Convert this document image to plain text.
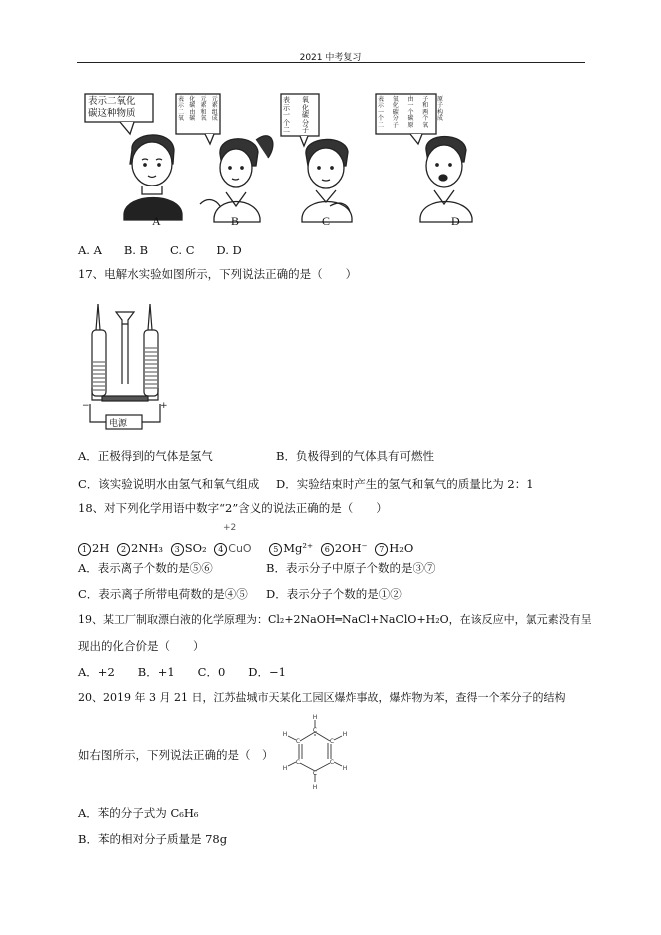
2021 中考复习
表示二氧化
碳这种物质
表
示
二
氧
化
碳
由
碳
元
素
和
氧
元
素
组
成
表
示
一
个
二
氧
化
碳
分
子
表
示
一
个
二
氧
化
碳
分
子
由
一
个
碳
原
子
和
两
个
氧
原
子
构
成
A	B	C	D
A. A      B. B      C. C      D. D
17、电解水实验如图所示，下列说法正确的是（　　）
−	+
电源
A．正极得到的气体是氢气	B．负极得到的气体具有可燃性
C．该实验说明水由氢气和氧气组成 D．实验结束时产生的氢气和氧气的质量比为 2：1
18、对下列化学用语中数字“2”含义的说法正确的是（　　）
+2
1 2H 2 2NH₃ 3 SO₂ 4 CuO	5 Mg²⁺ 6 2OH⁻ 7 H₂O
A．表示离子个数的是⑤⑥	B．表示分子中原子个数的是③⑦
C．表示离子所带电荷数的是④⑤ D．表示分子个数的是①②
19、某工厂制取漂白液的化学原理为：Cl₂+2NaOH═NaCl+NaClO+H₂O，在该反应中，氯元素没有呈
现出的化合价是（　　）
A．+2　　B．+1　　C．0　　D．−1
20、2019 年 3 月 21 日，江苏盐城市天某化工园区爆炸事故，爆炸物为苯，查得一个苯分子的结构
如右图所示，下列说法正确的是（　）
C
C
C
C
C
C
H
H
H
H
H
H
A．苯的分子式为 C₆H₆
B．苯的相对分子质量是 78g
